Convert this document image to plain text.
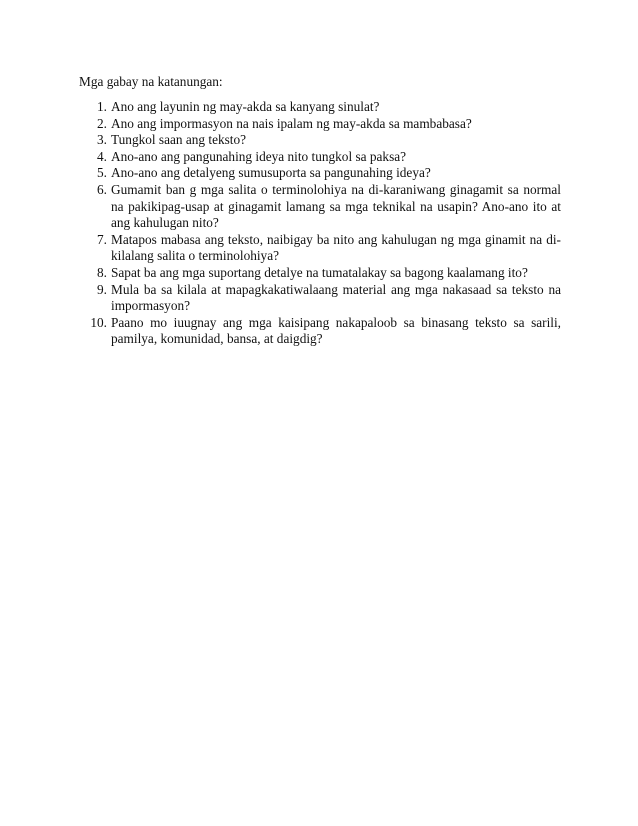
Mga gabay na katanungan:

1. Ano ang layunin ng may-akda sa kanyang sinulat?
2. Ano ang impormasyon na nais ipalam ng may-akda sa mambabasa?
3. Tungkol saan ang teksto?
4. Ano-ano ang pangunahing ideya nito tungkol sa paksa?
5. Ano-ano ang detalyeng sumusuporta sa pangunahing ideya?
6. Gumamit ban g mga salita o terminolohiya na di-karaniwang ginagamit sa normal na pakikipag-usap at ginagamit lamang sa mga teknikal na usapin? Ano-ano ito at ang kahulugan nito?
7. Matapos mabasa ang teksto, naibigay ba nito ang kahulugan ng mga ginamit na di-kilalang salita o terminolohiya?
8. Sapat ba ang mga suportang detalye na tumatalakay sa bagong kaalamang ito?
9. Mula ba sa kilala at mapagkakatiwalaang material ang mga nakasaad sa teksto na impormasyon?
10. Paano mo iuugnay ang mga kaisipang nakapaloob sa binasang teksto sa sarili, pamilya, komunidad, bansa, at daigdig?
